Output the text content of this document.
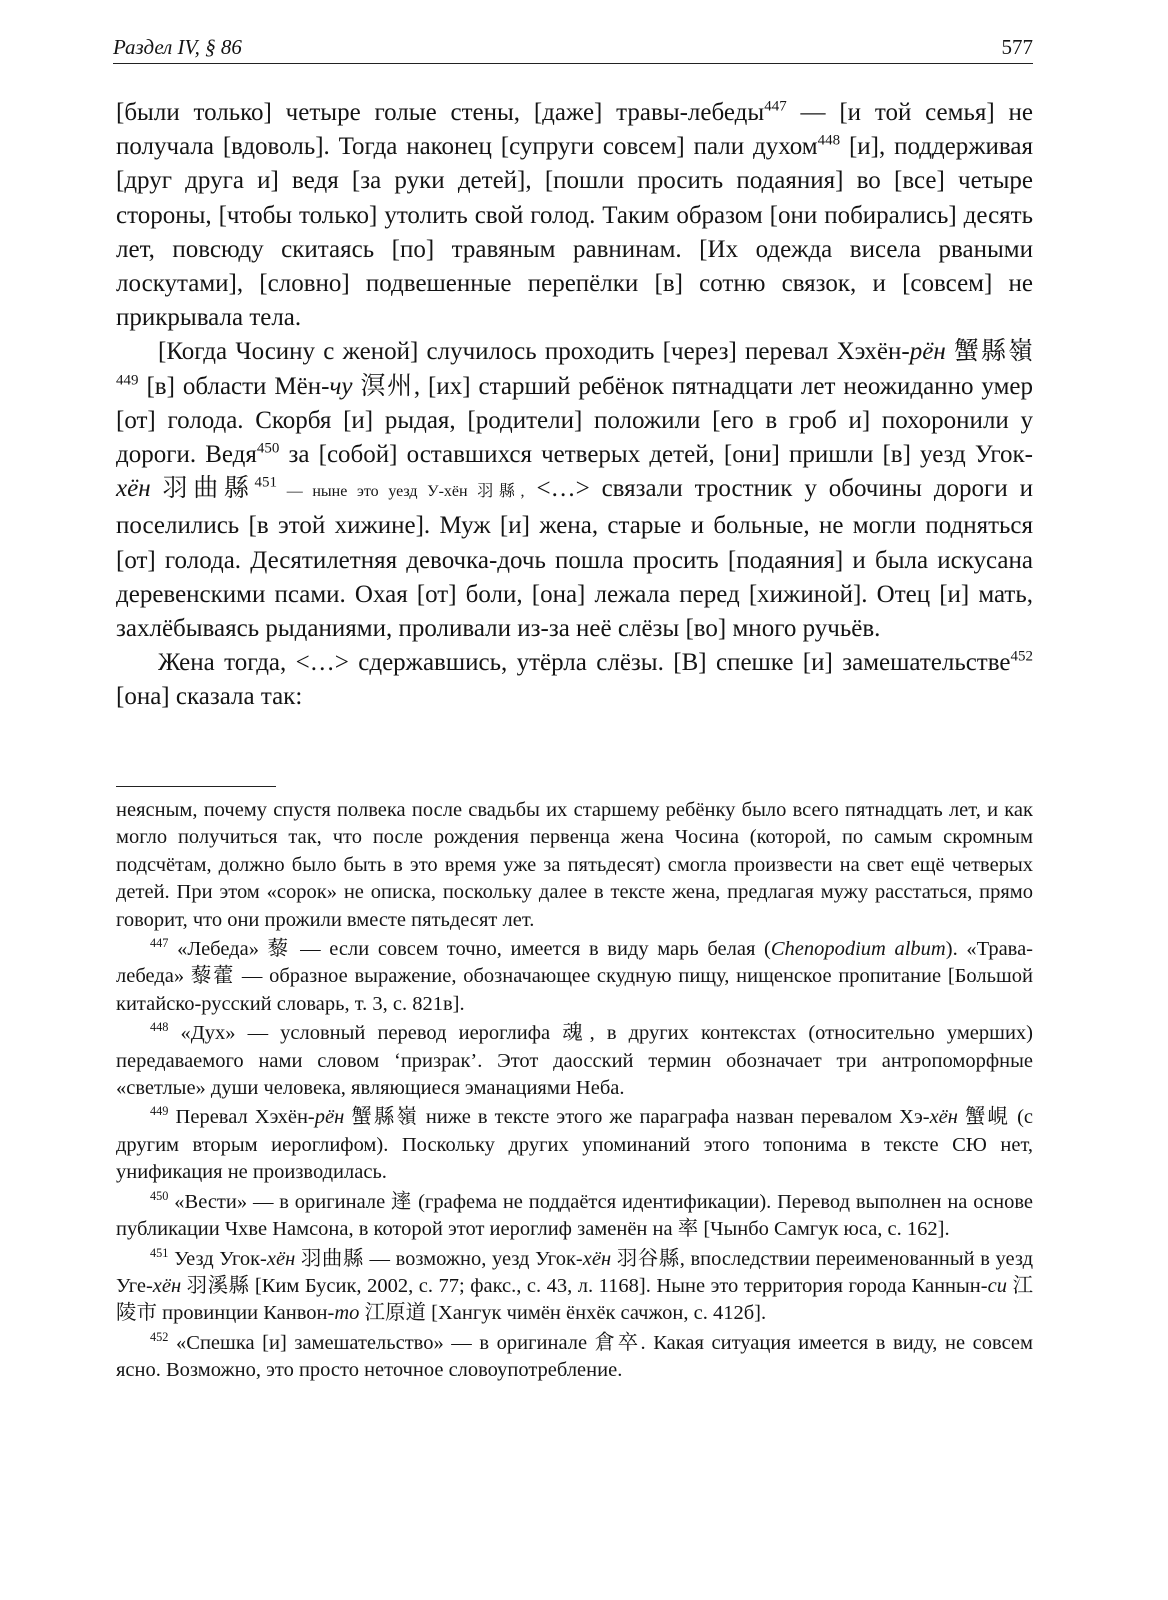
Раздел IV, § 86	577

[были только] четыре голые стены, [даже] травы-лебеды$^{447}$ — [и той семья] не получала [вдоволь]. Тогда наконец [супруги совсем] пали духом$^{448}$ [и], поддерживая [друг друга и] ведя [за руки детей], [пошли просить подаяния] во [все] четыре стороны, [чтобы только] утолить свой голод. Таким образом [они побирались] десять лет, повсюду скитаясь [по] травяным равнинам. [Их одежда висела рваными лоскутами], [словно] подвешенные перепёлки [в] сотню связок, и [совсем] не прикрывала тела.

[Когда Чосину с женой] случилось проходить [через] перевал Хэхён-рён 蟹縣嶺$^{449}$ [в] области Мён-чу 溟州, [их] старший ребёнок пятнадцати лет неожиданно умер [от] голода. Скорбя [и] рыдая, [родители] положили [его в гроб и] похоронили у дороги. Ведя$^{450}$ за [собой] оставшихся четверых детей, [они] пришли [в] уезд Угок-хён 羽曲縣$^{451}$ — ныне это уезд У-хён 羽縣, <…> связали тростник у обочины дороги и поселились [в этой хижине]. Муж [и] жена, старые и больные, не могли подняться [от] голода. Десятилетняя девочка-дочь пошла просить [подаяния] и была искусана деревенскими псами. Охая [от] боли, [она] лежала перед [хижиной]. Отец [и] мать, захлёбываясь рыданиями, проливали из-за неё слёзы [во] много ручьёв.

Жена тогда, <…> сдержавшись, утёрла слёзы. [В] спешке [и] замешательстве$^{452}$ [она] сказала так:

неясным, почему спустя полвека после свадьбы их старшему ребёнку было всего пятнадцать лет, и как могло получиться так, что после рождения первенца жена Чосина (которой, по самым скромным подсчётам, должно было быть в это время уже за пятьдесят) смогла произвести на свет ещё четверых детей. При этом «сорок» не описка, поскольку далее в тексте жена, предлагая мужу расстаться, прямо говорит, что они прожили вместе пятьдесят лет.

$^{447}$ «Лебеда» 藜 — если совсем точно, имеется в виду марь белая (Chenopodium album). «Трава-лебеда» 藜藿 — образное выражение, обозначающее скудную пищу, нищенское пропитание [Большой китайско-русский словарь, т. 3, с. 821в].

$^{448}$ «Дух» — условный перевод иероглифа 魂, в других контекстах (относительно умерших) передаваемого нами словом ‘призрак’. Этот даосский термин обозначает три антропоморфные «светлые» души человека, являющиеся эманациями Неба.

$^{449}$ Перевал Хэхён-рён 蟹縣嶺 ниже в тексте этого же параграфа назван перевалом Хэ-хён 蟹峴 (с другим вторым иероглифом). Поскольку других упоминаний этого топонима в тексте СЮ нет, унификация не производилась.

$^{450}$ «Вести» — в оригинале 䢦 (графема не поддаётся идентификации). Перевод выполнен на основе публикации Чхве Намсона, в которой этот иероглиф заменён на 率 [Чынбо Самгук юса, с. 162].

$^{451}$ Уезд Угок-хён 羽曲縣 — возможно, уезд Угок-хён 羽谷縣, впоследствии переименованный в уезд Уге-хён 羽溪縣 [Ким Бусик, 2002, с. 77; факс., с. 43, л. 1168]. Ныне это территория города Каннын-си 江陵市 провинции Канвон-то 江原道 [Хангук чимён ёнхёк сачжон, с. 412б].

$^{452}$ «Спешка [и] замешательство» — в оригинале 倉卒. Какая ситуация имеется в виду, не совсем ясно. Возможно, это просто неточное словоупотребление.
